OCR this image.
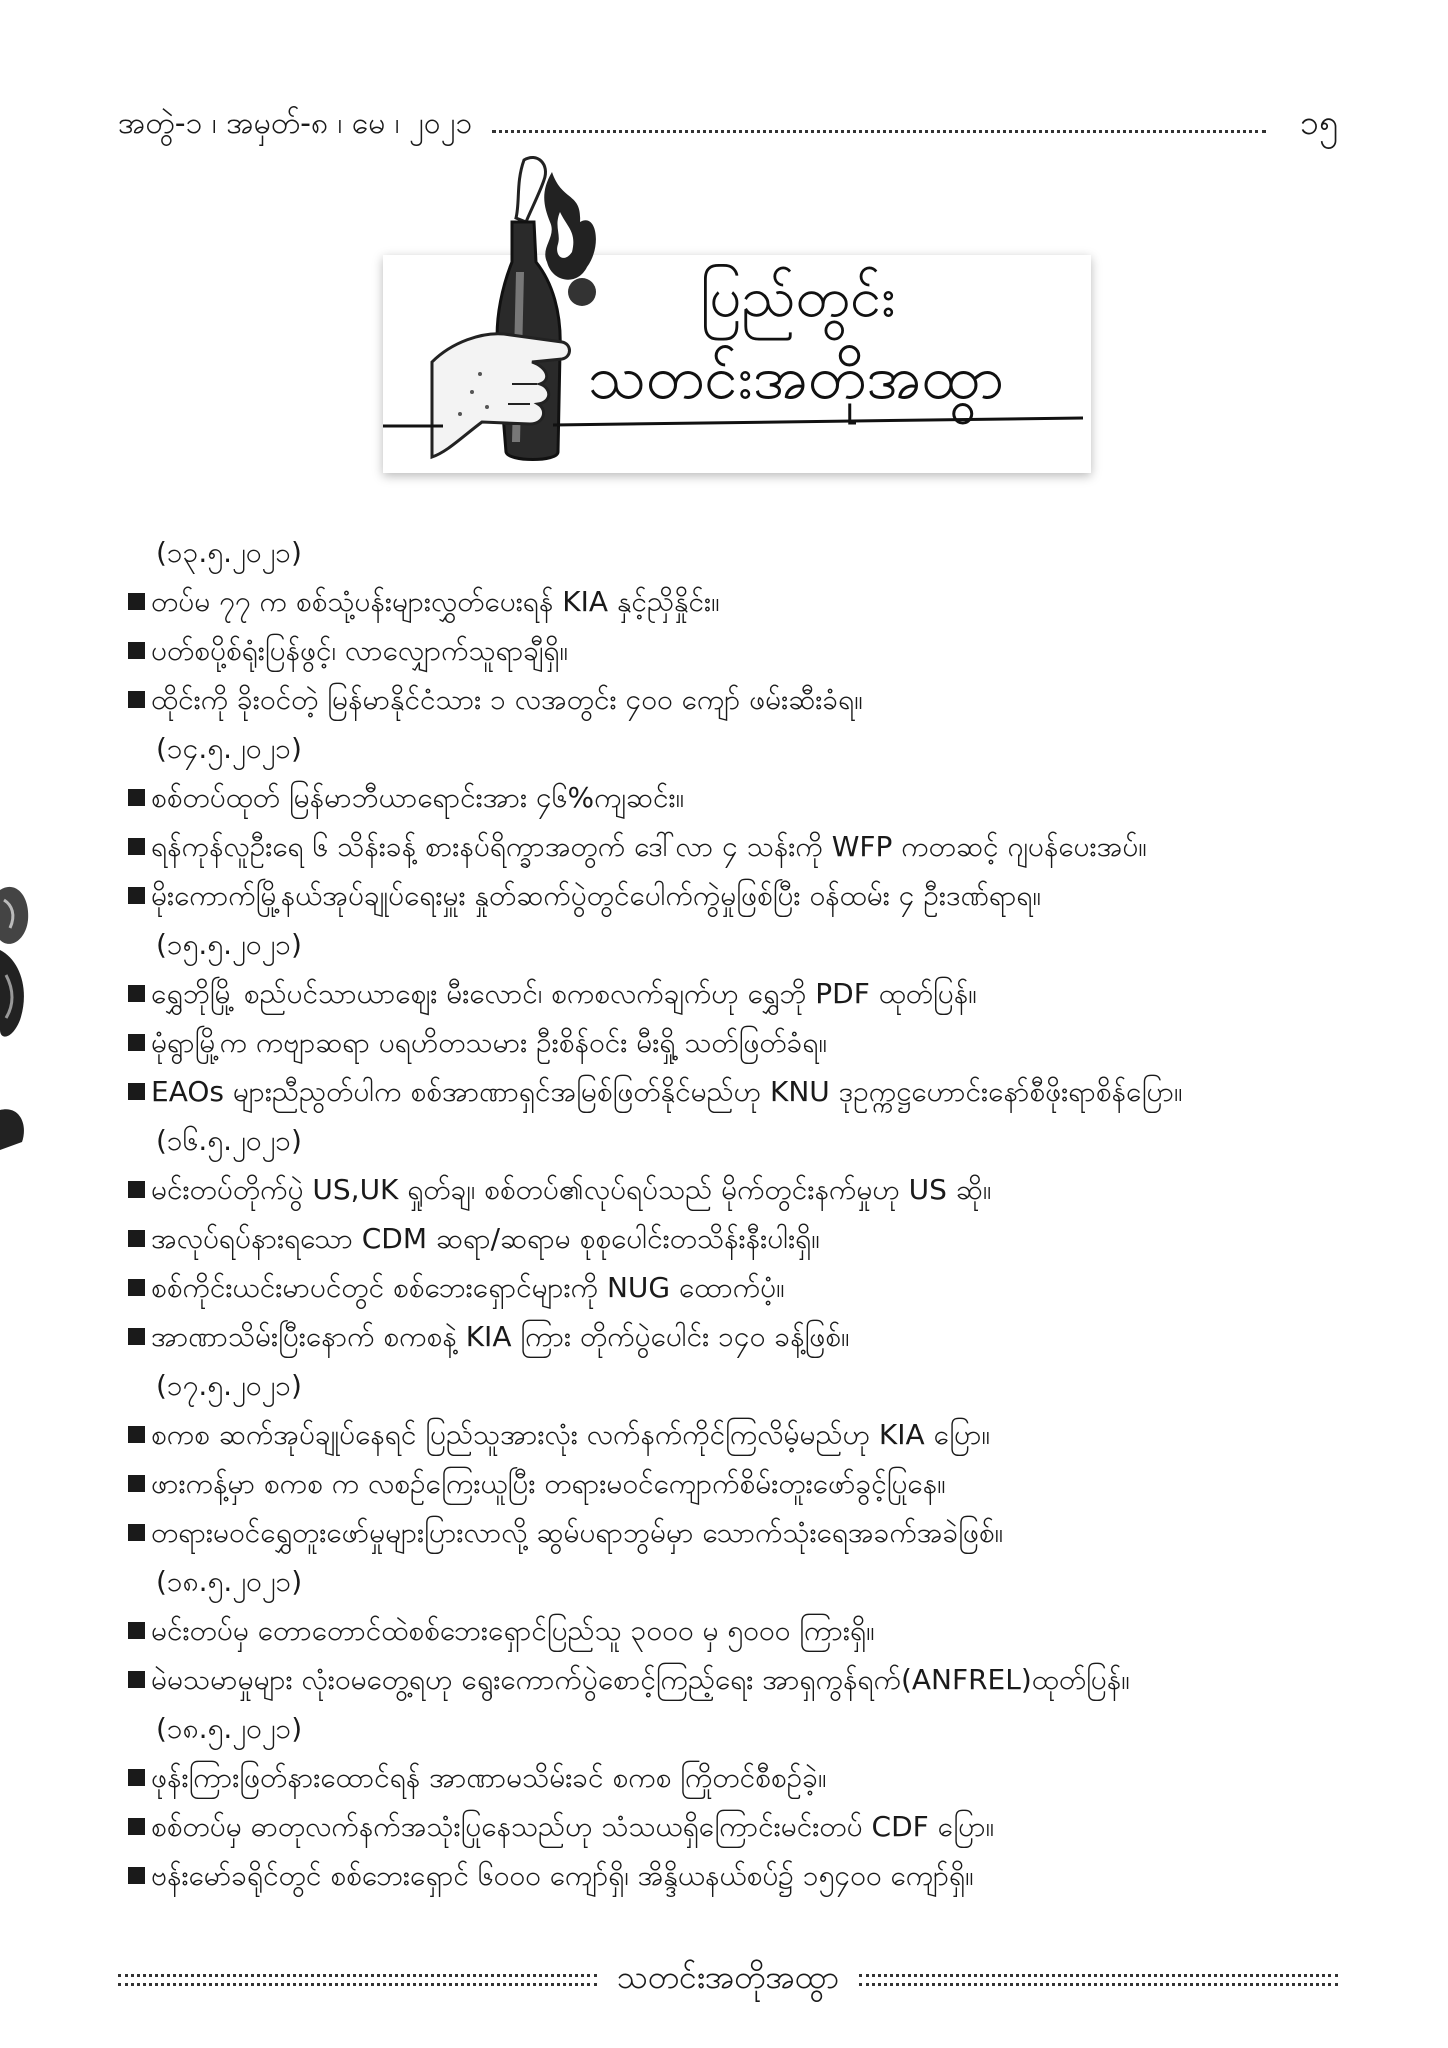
အတွဲ-၁ ၊ အမှတ်-၈ ၊ မေ ၊ ၂၀၂၁	၁၅
ပြည်တွင်း
သတင်းအတိုအထွာ
(၁၃.၅.၂၀၂၁)
တပ်မ ၇၇ က စစ်သုံ့ပန်းများလွှတ်ပေးရန် KIA နှင့်ညှိနှိုင်း။
ပတ်စပို့စ်ရုံးပြန်ဖွင့်၊ လာလျှောက်သူရာချီရှိ။
ထိုင်းကို ခိုးဝင်တဲ့ မြန်မာနိုင်ငံသား ၁ လအတွင်း ၄၀၀ ကျော် ဖမ်းဆီးခံရ။
(၁၄.၅.၂၀၂၁)
စစ်တပ်ထုတ် မြန်မာဘီယာရောင်းအား ၄၆%ကျဆင်း။
ရန်ကုန်လူဦးရေ ၆ သိန်းခန့် စားနပ်ရိက္ခာအတွက် ဒေါ်လာ ၄ သန်းကို WFP ကတဆင့် ဂျပန်ပေးအပ်။
မိုးကောက်မြို့နယ်အုပ်ချုပ်ရေးမှူး နှုတ်ဆက်ပွဲတွင်ပေါက်ကွဲမှုဖြစ်ပြီး ဝန်ထမ်း ၄ ဦးဒဏ်ရာရ။
(၁၅.၅.၂၀၂၁)
ရွှေဘိုမြို့ စည်ပင်သာယာဈေး မီးလောင်၊ စကစလက်ချက်ဟု ရွှေဘို PDF ထုတ်ပြန်။
မုံရွာမြို့က ကဗျာဆရာ ပရဟိတသမား ဦးစိန်ဝင်း မီးရှို့ သတ်ဖြတ်ခံရ။
EAOs များညီညွတ်ပါက စစ်အာဏာရှင်အမြစ်ဖြတ်နိုင်မည်ဟု KNU ဒုဥက္ကဋ္ဌဟောင်းနော်စီဖိုးရာစိန်ပြော။
(၁၆.၅.၂၀၂၁)
မင်းတပ်တိုက်ပွဲ US,UK ရှုတ်ချ၊ စစ်တပ်၏လုပ်ရပ်သည် မိုက်တွင်းနက်မှုဟု US ဆို။
အလုပ်ရပ်နားရသော CDM ဆရာ/ဆရာမ စုစုပေါင်းတသိန်းနီးပါးရှိ။
စစ်ကိုင်းယင်းမာပင်တွင် စစ်ဘေးရှောင်များကို NUG ထောက်ပံ့။
အာဏာသိမ်းပြီးနောက် စကစနဲ့ KIA ကြား တိုက်ပွဲပေါင်း ၁၄၀ ခန့်ဖြစ်။
(၁၇.၅.၂၀၂၁)
စကစ ဆက်အုပ်ချုပ်နေရင် ပြည်သူအားလုံး လက်နက်ကိုင်ကြလိမ့်မည်ဟု KIA ပြော။
ဖားကန့်မှာ စကစ က လစဥ်ကြေးယူပြီး တရားမဝင်ကျောက်စိမ်းတူးဖော်ခွင့်ပြုနေ။
တရားမဝင်ရွှေတူးဖော်မှုများပြားလာလို့ ဆွမ်ပရာဘွမ်မှာ သောက်သုံးရေအခက်အခဲဖြစ်။
(၁၈.၅.၂၀၂၁)
မင်းတပ်မှ တောတောင်ထဲစစ်ဘေးရှောင်ပြည်သူ ၃၀၀၀ မှ ၅၀၀၀ ကြားရှိ။
မဲမသမာမှုများ လုံးဝမတွေ့ရဟု ရွေးကောက်ပွဲစောင့်ကြည့်ရေး အာရှကွန်ရက်(ANFREL)ထုတ်ပြန်။
(၁၈.၅.၂၀၂၁)
ဖုန်းကြားဖြတ်နားထောင်ရန် အာဏာမသိမ်းခင် စကစ ကြိုတင်စီစဉ်ခဲ့။
စစ်တပ်မှ ဓာတုလက်နက်အသုံးပြုနေသည်ဟု သံသယရှိကြောင်းမင်းတပ် CDF ပြော။
ဗန်းမော်ခရိုင်တွင် စစ်ဘေးရှောင် ၆၀၀၀ ကျော်ရှိ၊ အိန္ဒိယနယ်စပ်၌ ၁၅၄၀၀ ကျော်ရှိ။
သတင်းအတိုအထွာ
